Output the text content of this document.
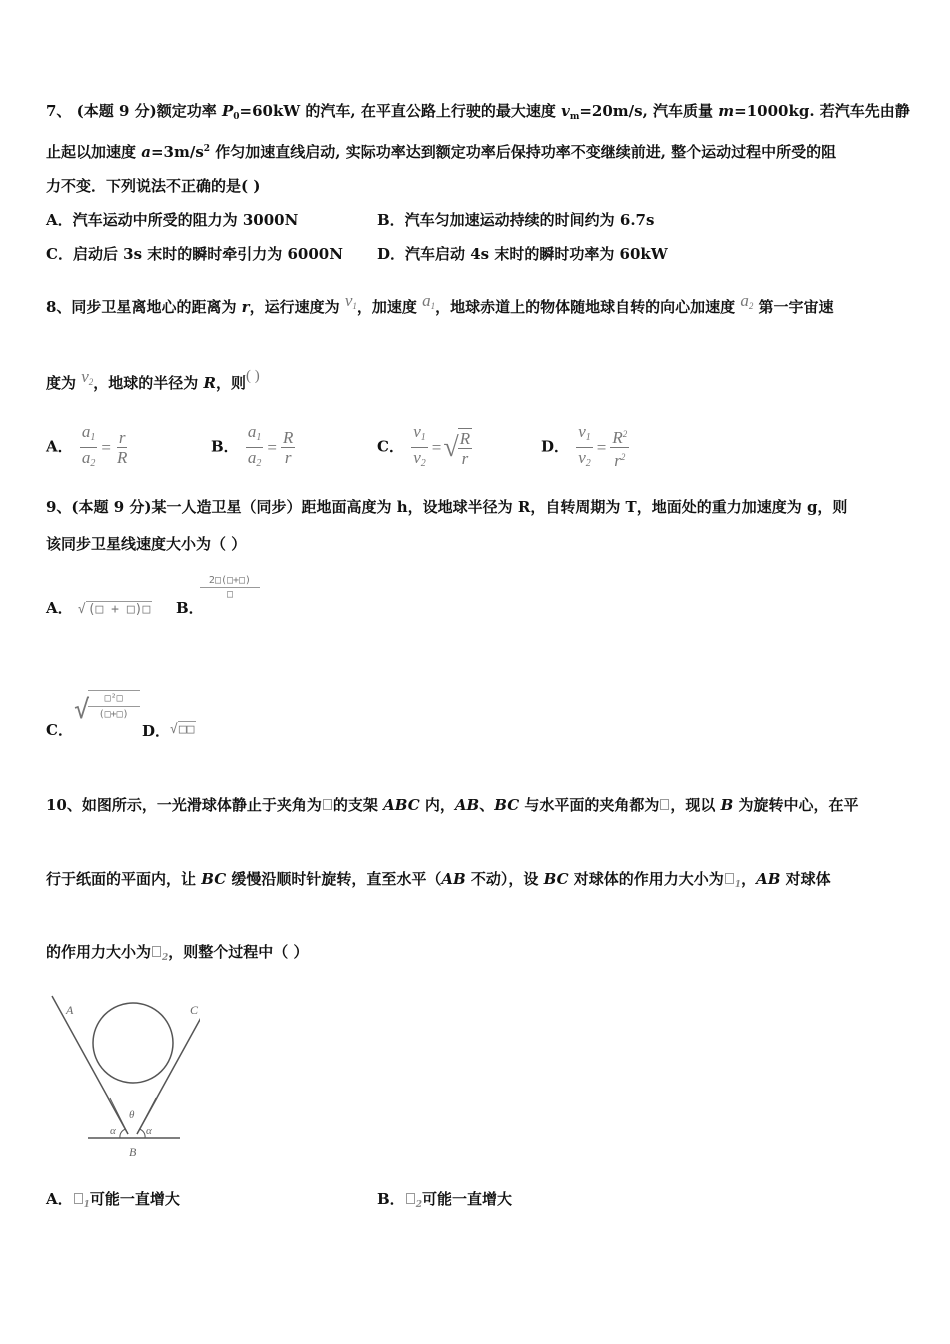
7、 (本题 9 分)额定功率 $P_0=60kW$ 的汽车, 在平直公路上行驶的最大速度 $v_m=20m/s$, 汽车质量 m=1000kg. 若汽车先由静
止起以加速度 $a=3m/s^2$ 作匀加速直线启动, 实际功率达到额定功率后保持功率不变继续前进, 整个运动过程中所受的阻
力不变．下列说法不正确的是( )
A．汽车运动中所受的阻力为 3000N	B．汽车匀加速运动持续的时间约为 6.7s
C．启动后 3s 末时的瞬时牵引力为 6000N D．汽车启动 4s 末时的瞬时功率为 60kW
8、同步卫星离地心的距离为 r，运行速度为 $v_1$，加速度 $a_1$，地球赤道上的物体随地球自转的向心加速度 $a_2$ 第一宇宙速
度为 $v_2$，地球的半径为 R，则( )
A． $\frac{a_1}{a_2} = \frac{r}{R}$	B． $\frac{a_1}{a_2} = \frac{R}{r}$	C． $\frac{v_1}{v_2}$ =√ $\frac{R}{r}$	D． $\frac{v_1}{v_2} = \frac{R^2}{r^2}$
9、(本题 9 分)某一人造卫星（同步）距地面高度为 h，设地球半径为 R，自转周期为 T，地面处的重力加速度为 g，则
该同步卫星线速度大小为（ ）
A． √ (□ + □)□ B．
2□(□+□)
□
C．
√	□²□
(□+□)
D．√□□
10、如图所示，一光滑球体静止于夹角为 的支架 ABC 内，AB、BC 与水平面的夹角都为 ，现以 B 为旋转中心，在平
行于纸面的平面内，让 BC 缓慢沿顺时针旋转，直至水平（AB 不动），设 BC 对球体的作用力大小为 $_1$，AB 对球体
的作用力大小为 $_2$，则整个过程中（ ）
A	C
θ
α	α
B
A． $_1$可能一直增大	B． $_2$可能一直增大
